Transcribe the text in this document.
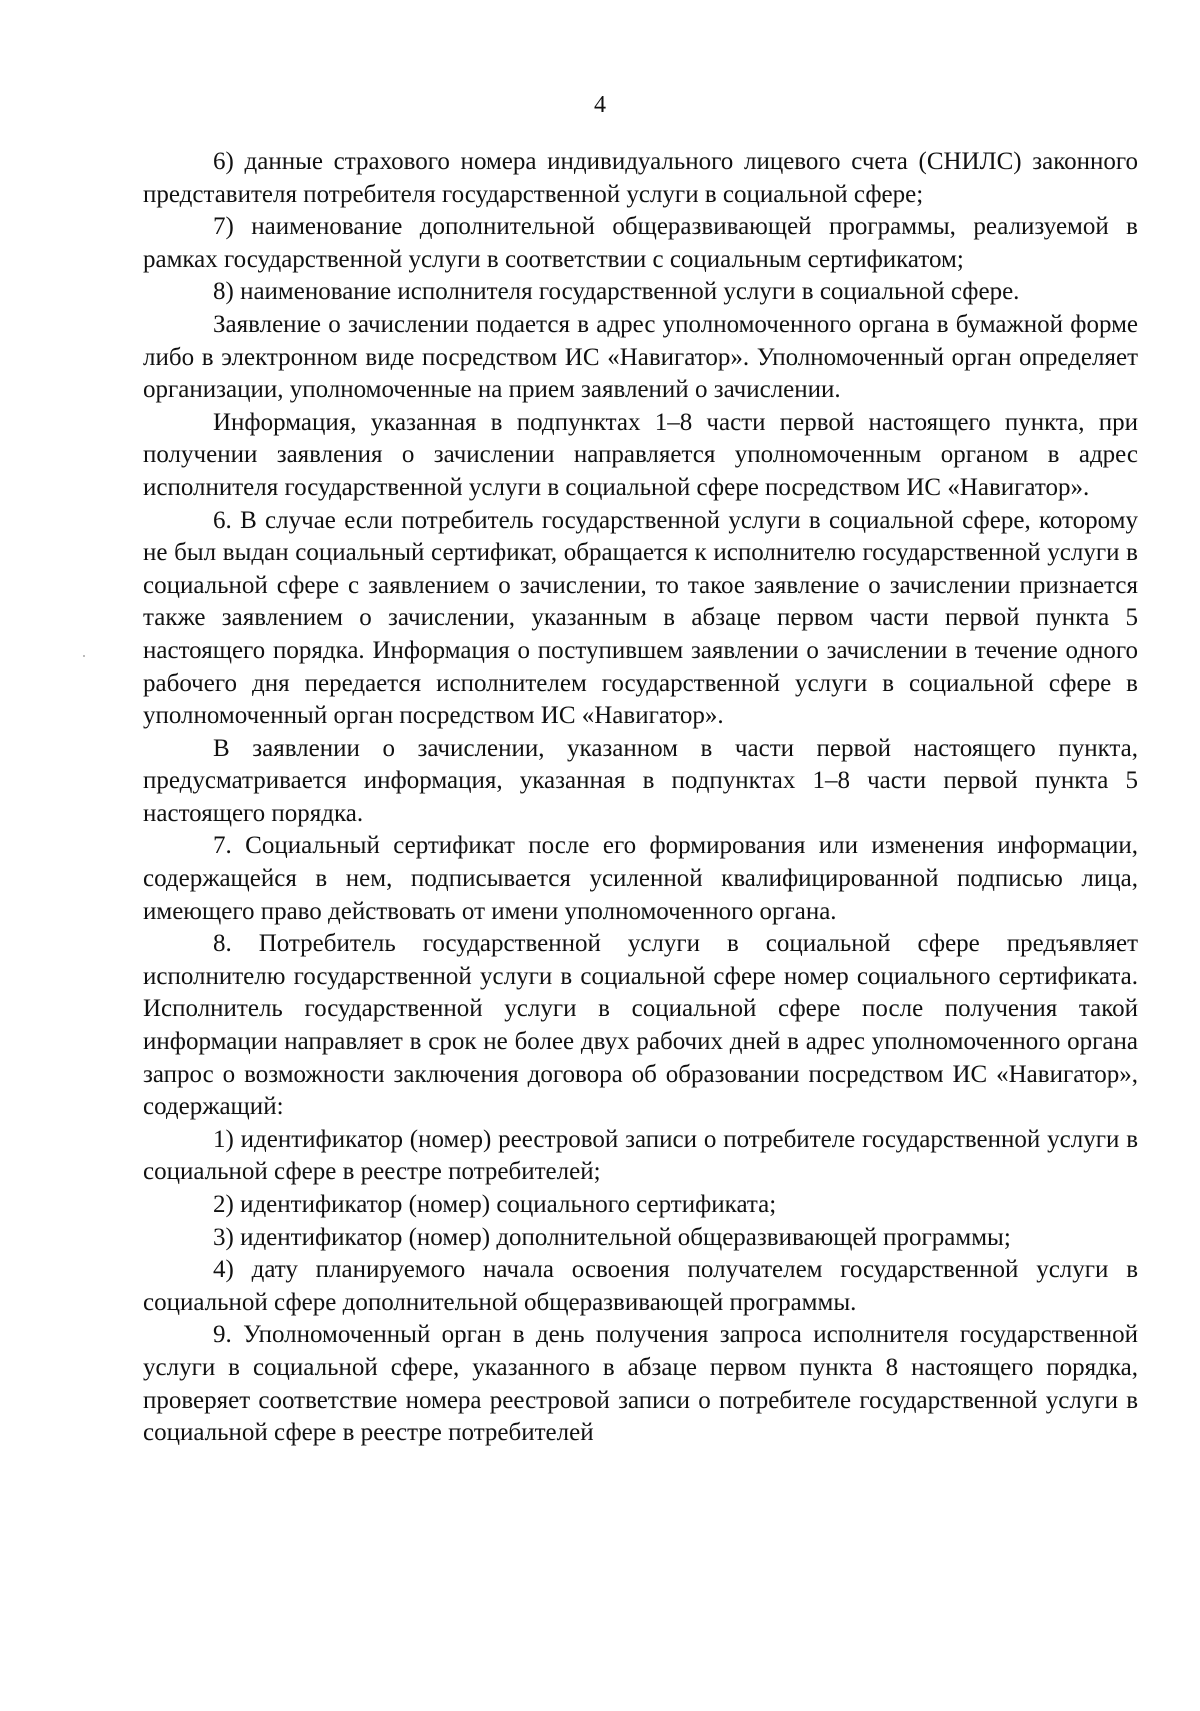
4

6) данные страхового номера индивидуального лицевого счета (СНИЛС) законного представителя потребителя государственной услуги в социальной сфере;

7) наименование дополнительной общеразвивающей программы, реализуемой в рамках государственной услуги в соответствии с социальным сертификатом;

8) наименование исполнителя государственной услуги в социальной сфере.

Заявление о зачислении подается в адрес уполномоченного органа в бумажной форме либо в электронном виде посредством ИС «Навигатор». Уполномоченный орган определяет организации, уполномоченные на прием заявлений о зачислении.

Информация, указанная в подпунктах 1–8 части первой настоящего пункта, при получении заявления о зачислении направляется уполномоченным органом в адрес исполнителя государственной услуги в социальной сфере посредством ИС «Навигатор».

6. В случае если потребитель государственной услуги в социальной сфере, которому не был выдан социальный сертификат, обращается к исполнителю государственной услуги в социальной сфере с заявлением о зачислении, то такое заявление о зачислении признается также заявлением о зачислении, указанным в абзаце первом части первой пункта 5 настоящего порядка. Информация о поступившем заявлении о зачислении в течение одного рабочего дня передается исполнителем государственной услуги в социальной сфере в уполномоченный орган посредством ИС «Навигатор».

В заявлении о зачислении, указанном в части первой настоящего пункта, предусматривается информация, указанная в подпунктах 1–8 части первой пункта 5 настоящего порядка.

7. Социальный сертификат после его формирования или изменения информации, содержащейся в нем, подписывается усиленной квалифицированной подписью лица, имеющего право действовать от имени уполномоченного органа.

8. Потребитель государственной услуги в социальной сфере предъявляет исполнителю государственной услуги в социальной сфере номер социального сертификата. Исполнитель государственной услуги в социальной сфере после получения такой информации направляет в срок не более двух рабочих дней в адрес уполномоченного органа запрос о возможности заключения договора об образовании посредством ИС «Навигатор», содержащий:

1) идентификатор (номер) реестровой записи о потребителе государственной услуги в социальной сфере в реестре потребителей;

2) идентификатор (номер) социального сертификата;

3) идентификатор (номер) дополнительной общеразвивающей программы;

4) дату планируемого начала освоения получателем государственной услуги в социальной сфере дополнительной общеразвивающей программы.

9. Уполномоченный орган в день получения запроса исполнителя государственной услуги в социальной сфере, указанного в абзаце первом пункта 8 настоящего порядка, проверяет соответствие номера реестровой записи о потребителе государственной услуги в социальной сфере в реестре потребителей
